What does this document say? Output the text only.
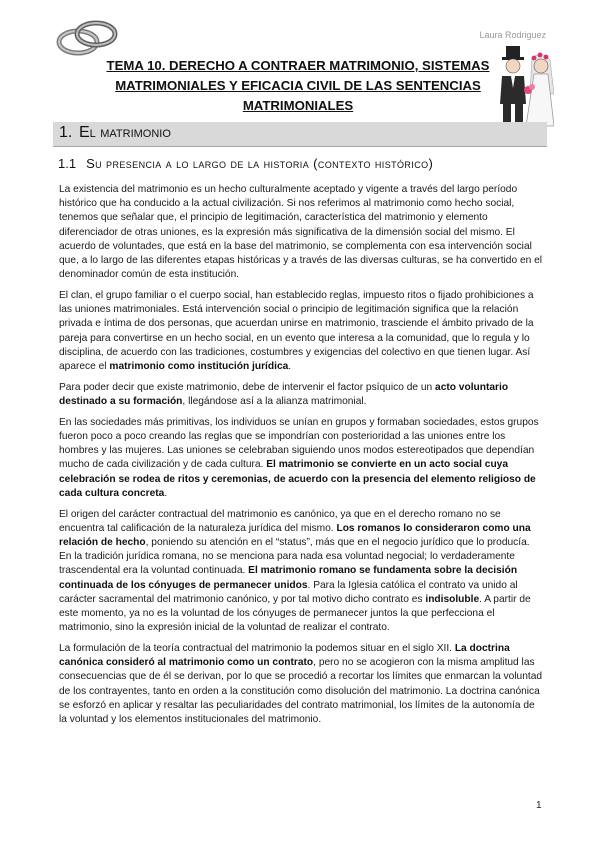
Laura Rodriguez
TEMA 10. DERECHO A CONTRAER MATRIMONIO, SISTEMAS MATRIMONIALES Y EFICACIA CIVIL DE LAS SENTENCIAS MATRIMONIALES
1. El matrimonio
1.1 Su presencia a lo largo de la historia (contexto histórico)

La existencia del matrimonio es un hecho culturalmente aceptado y vigente a través del largo período histórico que ha conducido a la actual civilización. Si nos referimos al matrimonio como hecho social, tenemos que señalar que, el principio de legitimación, característica del matrimonio y elemento diferenciador de otras uniones, es la expresión más significativa de la dimensión social del mismo. El acuerdo de voluntades, que está en la base del matrimonio, se complementa con esa intervención social que, a lo largo de las diferentes etapas históricas y a través de las diversas culturas, se ha convertido en el denominador común de esta institución.

El clan, el grupo familiar o el cuerpo social, han establecido reglas, impuesto ritos o fijado prohibiciones a las uniones matrimoniales. Está intervención social o principio de legitimación significa que la relación privada e íntima de dos personas, que acuerdan unirse en matrimonio, trasciende el ámbito privado de la pareja para convertirse en un hecho social, en un evento que interesa a la comunidad, que lo regula y lo disciplina, de acuerdo con las tradiciones, costumbres y exigencias del colectivo en que tienen lugar. Así aparece el matrimonio como institución jurídica.

Para poder decir que existe matrimonio, debe de intervenir el factor psíquico de un acto voluntario destinado a su formación, llegándose así a la alianza matrimonial.

En las sociedades más primitivas, los individuos se unían en grupos y formaban sociedades, estos grupos fueron poco a poco creando las reglas que se impondrían con posterioridad a las uniones entre los hombres y las mujeres. Las uniones se celebraban siguiendo unos modos estereotipados que dependían mucho de cada civilización y de cada cultura. El matrimonio se convierte en un acto social cuya celebración se rodea de ritos y ceremonias, de acuerdo con la presencia del elemento religioso de cada cultura concreta.

El origen del carácter contractual del matrimonio es canónico, ya que en el derecho romano no se encuentra tal calificación de la naturaleza jurídica del mismo. Los romanos lo consideraron como una relación de hecho, poniendo su atención en el “status”, más que en el negocio jurídico que lo producía. En la tradición jurídica romana, no se menciona para nada esa voluntad negocial; lo verdaderamente trascendental era la voluntad continuada. El matrimonio romano se fundamenta sobre la decisión continuada de los cónyuges de permanecer unidos. Para la Iglesia católica el contrato va unido al carácter sacramental del matrimonio canónico, y por tal motivo dicho contrato es indisoluble. A partir de este momento, ya no es la voluntad de los cónyuges de permanecer juntos la que perfecciona el matrimonio, sino la expresión inicial de la voluntad de realizar el contrato.

La formulación de la teoría contractual del matrimonio la podemos situar en el siglo XII. La doctrina canónica consideró al matrimonio como un contrato, pero no se acogieron con la misma amplitud las consecuencias que de él se derivan, por lo que se procedió a recortar los límites que enmarcan la voluntad de los contrayentes, tanto en orden a la constitución como disolución del matrimonio. La doctrina canónica se esforzó en aplicar y resaltar las peculiaridades del contrato matrimonial, los límites de la autonomía de la voluntad y los elementos institucionales del matrimonio.

1
